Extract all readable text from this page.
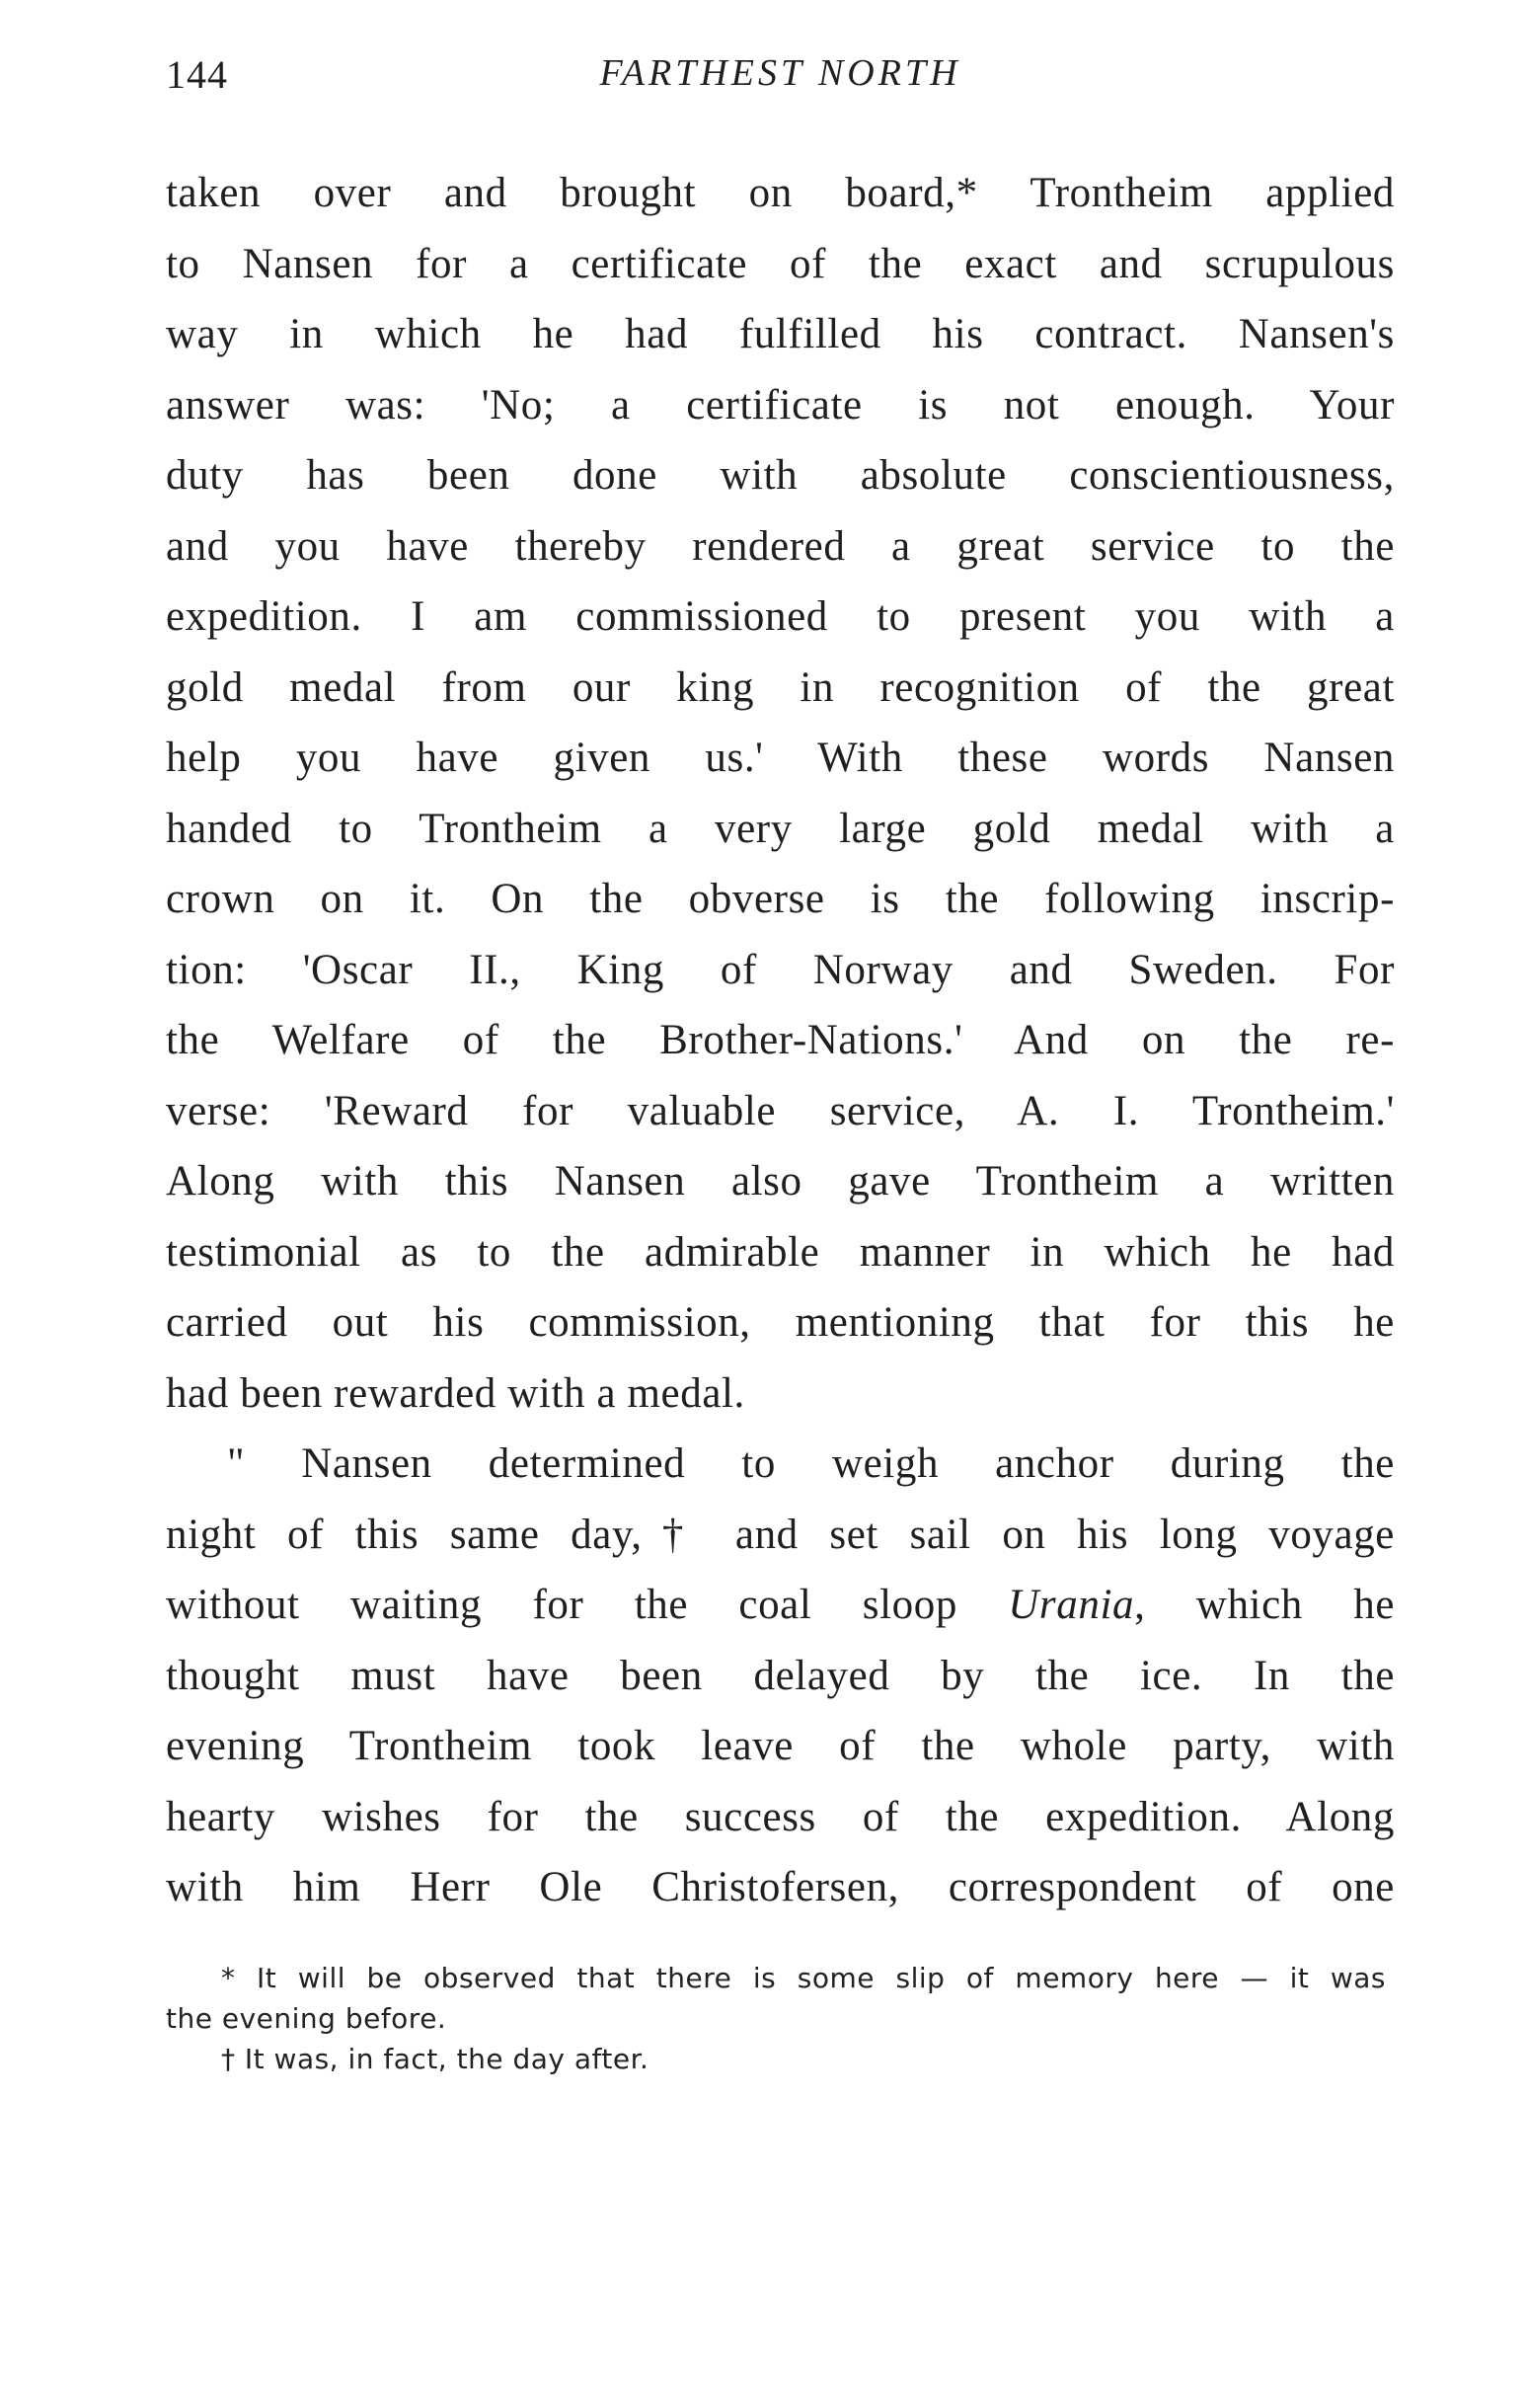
144	FARTHEST NORTH
taken over and brought on board,* Trontheim applied
to Nansen for a certificate of the exact and scrupulous
way in which he had fulfilled his contract. Nansen's
answer was: 'No; a certificate is not enough. Your
duty has been done with absolute conscientiousness,
and you have thereby rendered a great service to the
expedition. I am commissioned to present you with a
gold medal from our king in recognition of the great
help you have given us.' With these words Nansen
handed to Trontheim a very large gold medal with a
crown on it. On the obverse is the following inscrip-
tion: 'Oscar II., King of Norway and Sweden. For
the Welfare of the Brother-Nations.' And on the re-
verse: 'Reward for valuable service, A. I. Trontheim.'
Along with this Nansen also gave Trontheim a written
testimonial as to the admirable manner in which he had
carried out his commission, mentioning that for this he
had been rewarded with a medal.
" Nansen determined to weigh anchor during the
night of this same day,† and set sail on his long voyage
without waiting for the coal sloop Urania, which he
thought must have been delayed by the ice. In the
evening Trontheim took leave of the whole party, with
hearty wishes for the success of the expedition. Along
with him Herr Ole Christofersen, correspondent of one
* It will be observed that there is some slip of memory here — it was
the evening before.
† It was, in fact, the day after.
